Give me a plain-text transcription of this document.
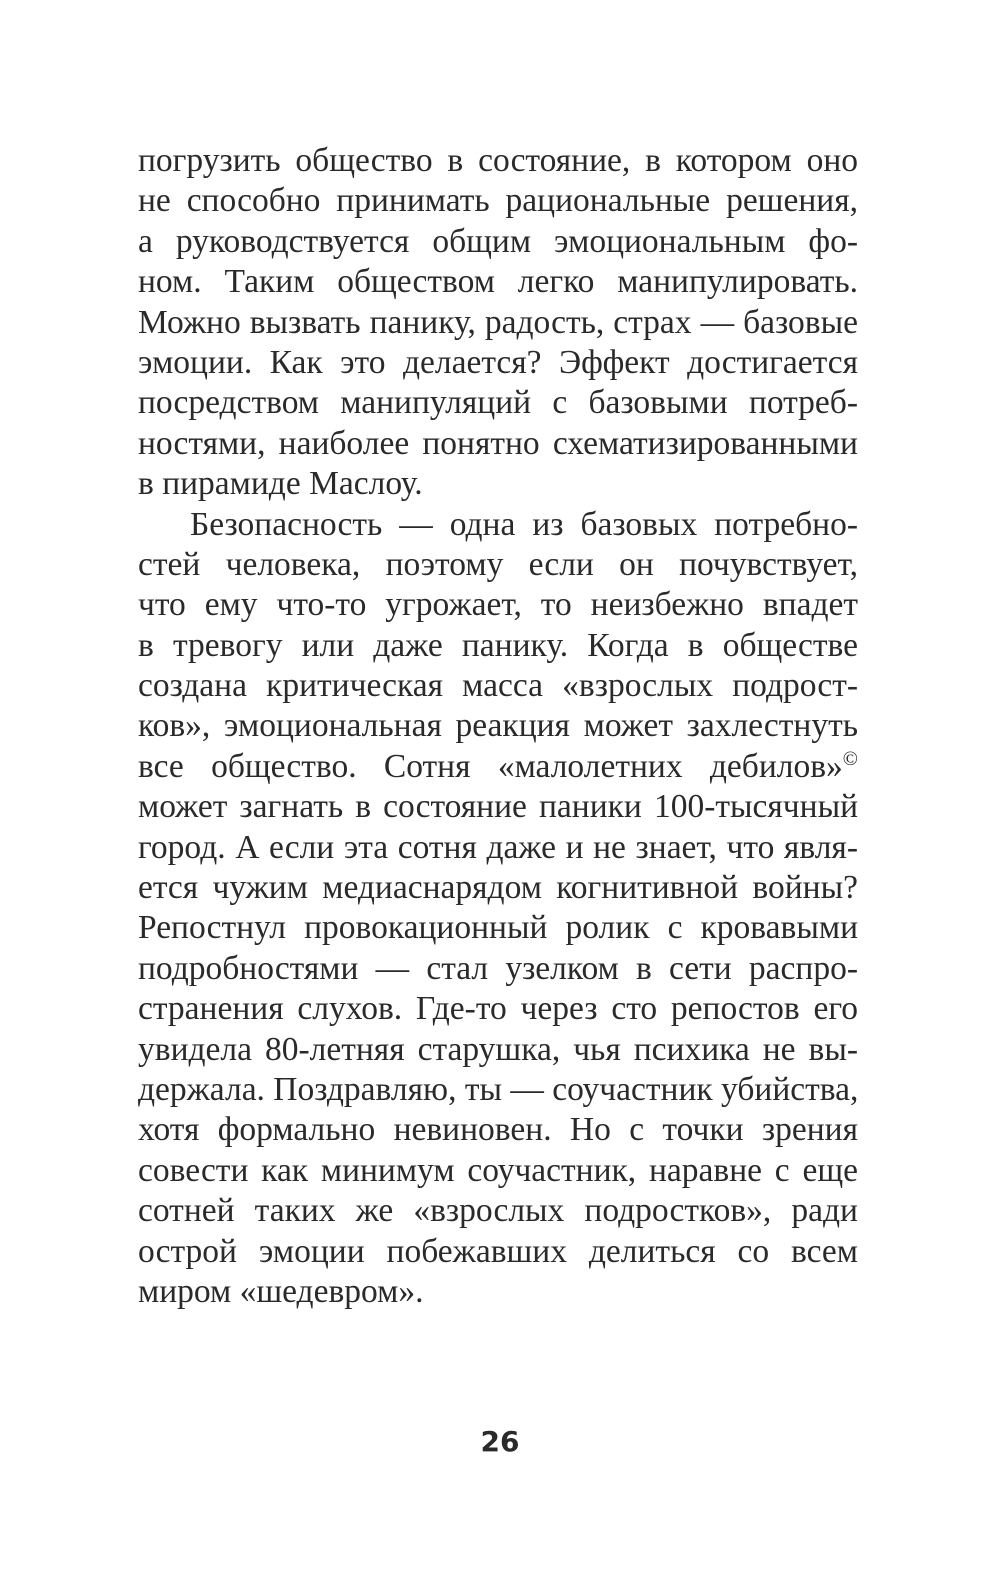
погрузить общество в состояние, в котором оно
не способно принимать рациональные решения,
а руководствуется общим эмоциональным фо-
ном. Таким обществом легко манипулировать.
Можно вызвать панику, радость, страх — базовые
эмоции. Как это делается? Эффект достигается
посредством манипуляций с базовыми потреб-
ностями, наиболее понятно схематизированными
в пирамиде Маслоу.
Безопасность — одна из базовых потребно-
стей человека, поэтому если он почувствует,
что ему что-то угрожает, то неизбежно впадет
в тревогу или даже панику. Когда в обществе
создана критическая масса «взрослых подрост-
ков», эмоциональная реакция может захлестнуть
все общество. Сотня «малолетних дебилов»©
может загнать в состояние паники 100-тысячный
город. А если эта сотня даже и не знает, что явля-
ется чужим медиаснарядом когнитивной войны?
Репостнул провокационный ролик с кровавыми
подробностями — стал узелком в сети распро-
странения слухов. Где-то через сто репостов его
увидела 80-летняя старушка, чья психика не вы-
держала. Поздравляю, ты — соучастник убийства,
хотя формально невиновен. Но с точки зрения
совести как минимум соучастник, наравне с еще
сотней таких же «взрослых подростков», ради
острой эмоции побежавших делиться со всем
миром «шедевром».
26
